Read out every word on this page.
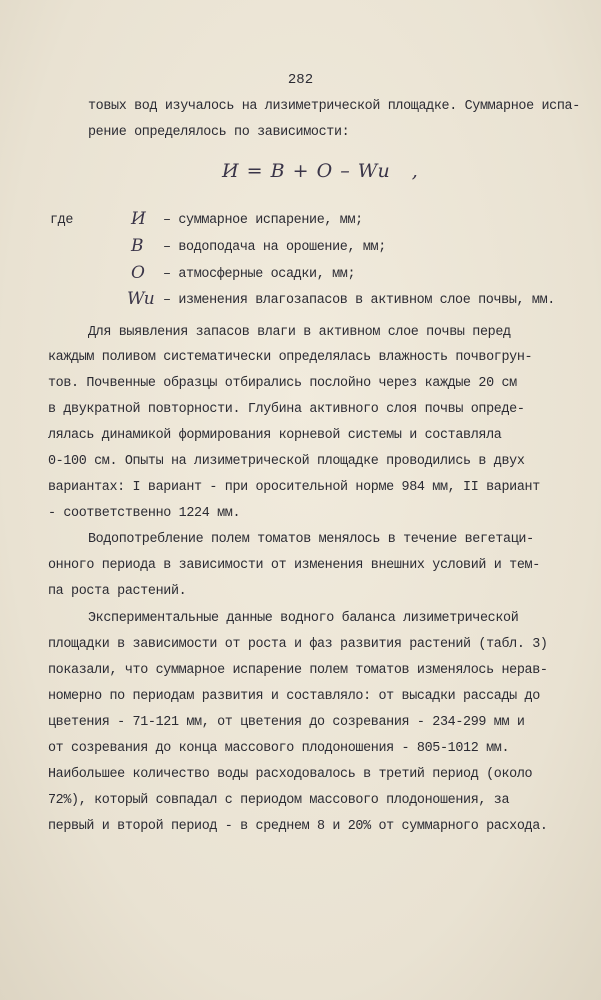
282
товых вод изучалось на лизиметрической площадке. Суммарное испа-
рение определялось по зависимости:
И = В + О – Wu ,
где	И – суммарное испарение, мм;
В – водоподача на орошение, мм;
О – атмосферные осадки, мм;
Wu – изменения влагозапасов в активном слое почвы, мм.
Для выявления запасов влаги в активном слое почвы перед
каждым поливом систематически определялась влажность почвогрун-
тов. Почвенные образцы отбирались послойно через каждые 20 см
в двукратной повторности. Глубина активного слоя почвы опреде-
лялась динамикой формирования корневой системы и составляла
0-100 см. Опыты на лизиметрической площадке проводились в двух
вариантах: I вариант - при оросительной норме 984 мм, II вариант
- соответственно 1224 мм.
Водопотребление полем томатов менялось в течение вегетаци-
онного периода в зависимости от изменения внешних условий и тем-
па роста растений.
Экспериментальные данные водного баланса лизиметрической
площадки в зависимости от роста и фаз развития растений (табл. 3)
показали, что суммарное испарение полем томатов изменялось нерав-
номерно по периодам развития и составляло: от высадки рассады до
цветения - 71-121 мм, от цветения до созревания - 234-299 мм и
от созревания до конца массового плодоношения - 805-1012 мм.
Наибольшее количество воды расходовалось в третий период (около
72%), который совпадал с периодом массового плодоношения, за
первый и второй период - в среднем 8 и 20% от суммарного расхода.
